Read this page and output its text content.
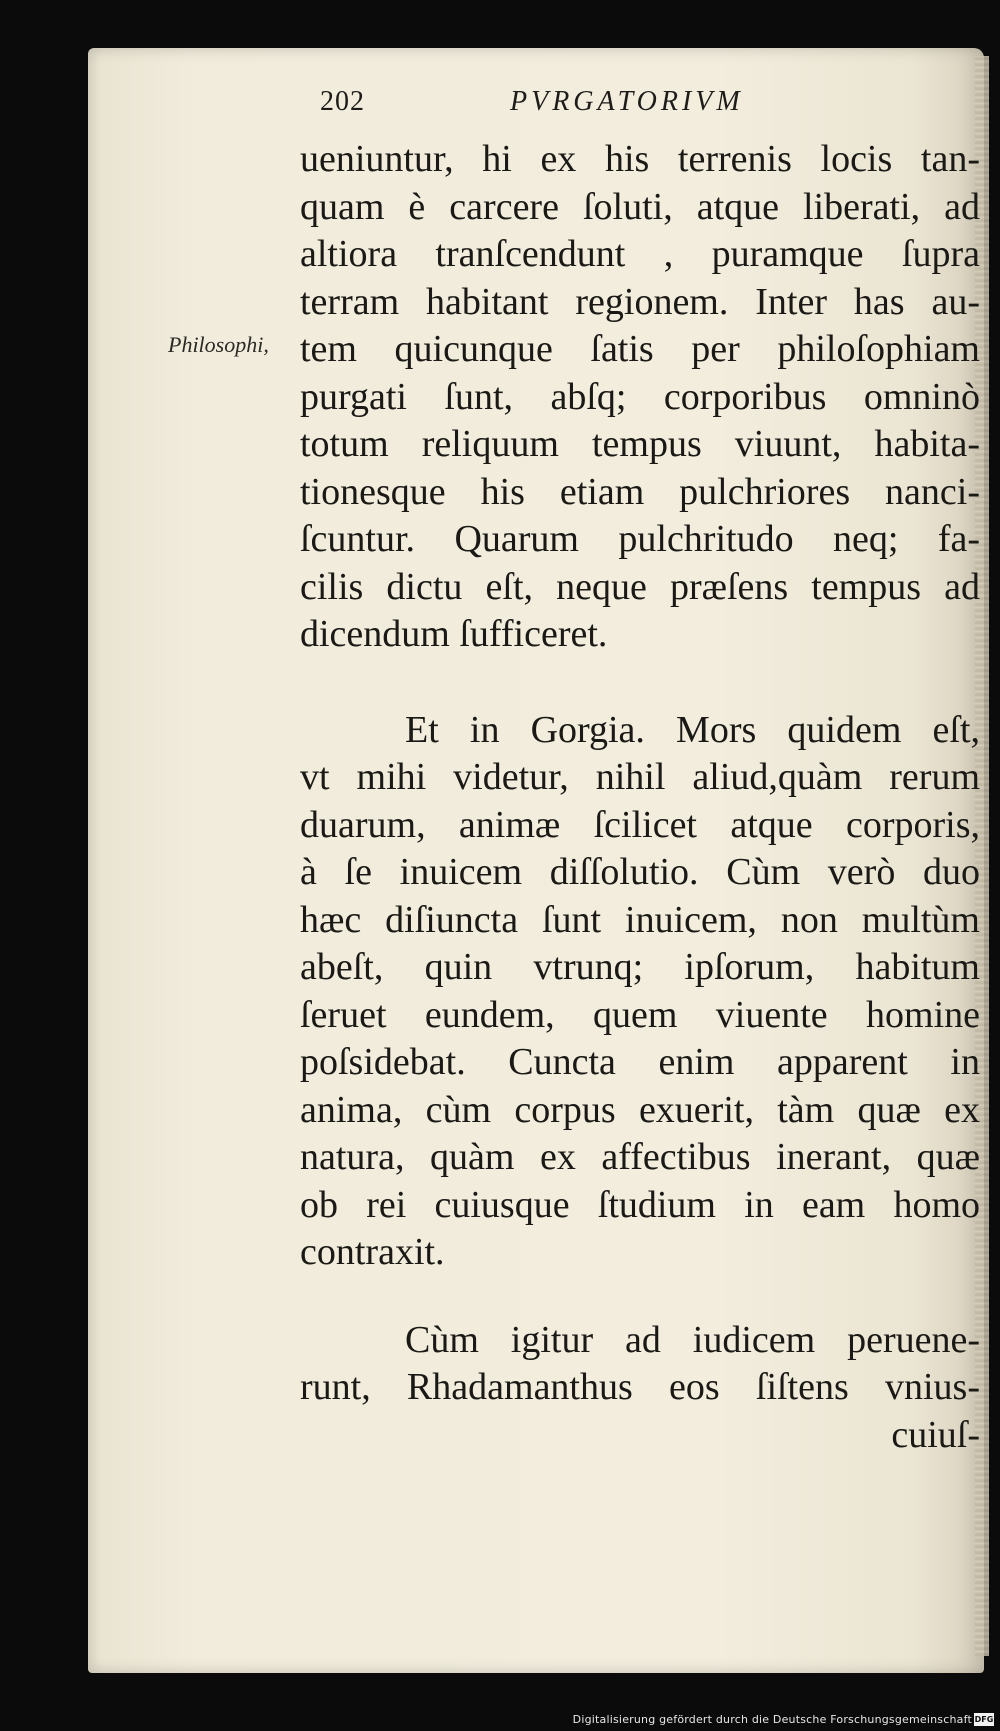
202	PVRGATORIVM
Philosophi,
ueniuntur, hi ex his terrenis locis tan-
quam è carcere ſoluti, atque liberati, ad
altiora tranſcendunt , puramque ſupra
terram habitant regionem. Inter has au-
tem quicunque ſatis per philoſophiam
purgati ſunt, abſq; corporibus omninò
totum reliquum tempus viuunt, habita-
tionesque his etiam pulchriores nanci-
ſcuntur. Quarum pulchritudo neq; fa-
cilis dictu eſt, neque præſens tempus ad
dicendum ſufficeret.
Et in Gorgia. Mors quidem eſt,
vt mihi videtur, nihil aliud,quàm rerum
duarum, animæ ſcilicet atque corporis,
à ſe inuicem diſſolutio. Cùm verò duo
hæc diſiuncta ſunt inuicem, non multùm
abeſt, quin vtrunq; ipſorum, habitum
ſeruet eundem, quem viuente homine
poſsidebat. Cuncta enim apparent in
anima, cùm corpus exuerit, tàm quæ ex
natura, quàm ex affectibus inerant, quæ
ob rei cuiusque ſtudium in eam homo
contraxit.
Cùm igitur ad iudicem peruene-
runt, Rhadamanthus eos ſiſtens vnius-
cuiuſ-
Digitalisierung gefördert durch die Deutsche Forschungsgemeinschaft DFG
